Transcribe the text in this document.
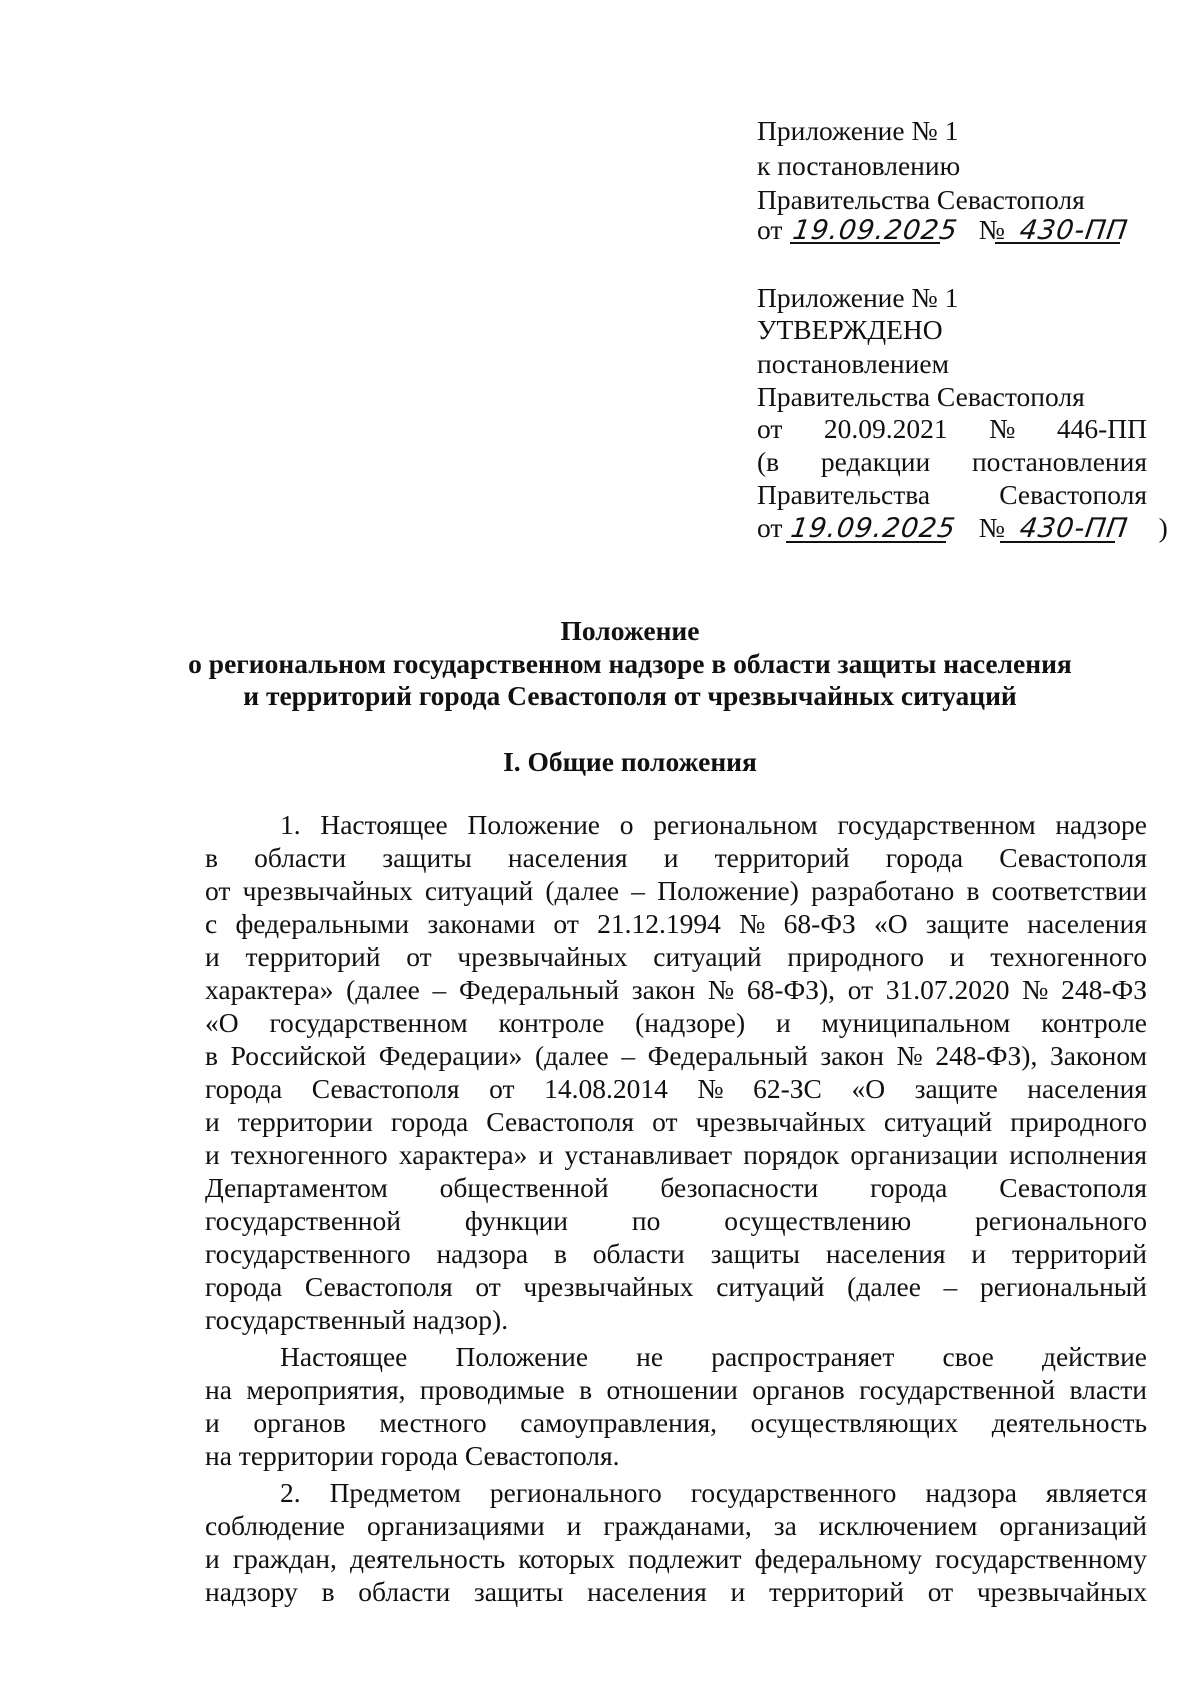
Приложение № 1
к постановлению
Правительства Севастополя
от 19.09.2025 № 430-ПП
Приложение № 1
УТВЕРЖДЕНО
постановлением
Правительства Севастополя
от 20.09.2021 № 446-ПП
(в редакции постановления
Правительства	Севастополя
от 19.09.2025 № 430-ПП )
Положение
о региональном государственном надзоре в области защиты населения
и территорий города Севастополя от чрезвычайных ситуаций
I. Общие положения
1. Настоящее Положение о региональном государственном надзоре
в области защиты населения и территорий города Севастополя
от чрезвычайных ситуаций (далее – Положение) разработано в соответствии
с федеральными законами от 21.12.1994 № 68-ФЗ «О защите населения
и территорий от чрезвычайных ситуаций природного и техногенного
характера» (далее – Федеральный закон № 68-ФЗ), от 31.07.2020 № 248-ФЗ
«О государственном контроле (надзоре) и муниципальном контроле
в Российской Федерации» (далее – Федеральный закон № 248-ФЗ), Законом
города Севастополя от 14.08.2014 № 62-ЗС «О защите населения
и территории города Севастополя от чрезвычайных ситуаций природного
и техногенного характера» и устанавливает порядок организации исполнения
Департаментом общественной безопасности города Севастополя
государственной функции по осуществлению регионального
государственного надзора в области защиты населения и территорий
города Севастополя от чрезвычайных ситуаций (далее – региональный
государственный надзор).
Настоящее Положение не распространяет свое действие
на мероприятия, проводимые в отношении органов государственной власти
и органов местного самоуправления, осуществляющих деятельность
на территории города Севастополя.
2. Предметом регионального государственного надзора является
соблюдение организациями и гражданами, за исключением организаций
и граждан, деятельность которых подлежит федеральному государственному
надзору в области защиты населения и территорий от чрезвычайных
